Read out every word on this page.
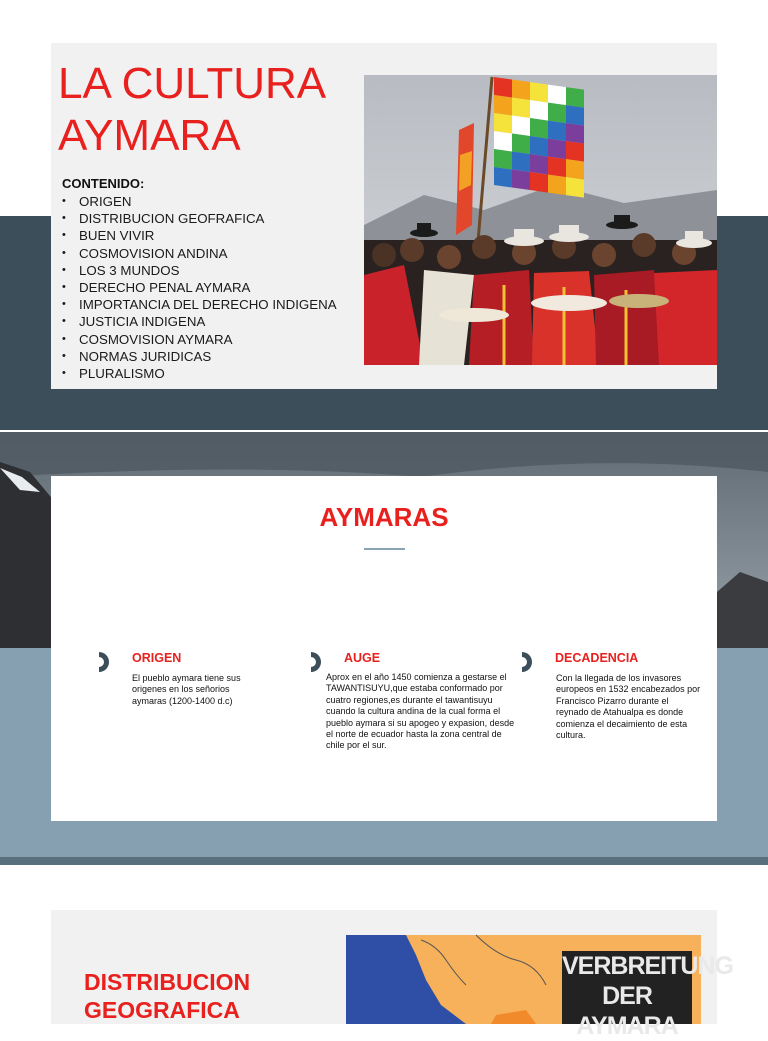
LA CULTURA
AYMARA
CONTENIDO:
• ORIGEN
• DISTRIBUCION GEOFRAFICA
• BUEN VIVIR
• COSMOVISION ANDINA
• LOS 3 MUNDOS
• DERECHO PENAL AYMARA
• IMPORTANCIA DEL DERECHO INDIGENA
• JUSTICIA INDIGENA
• COSMOVISION AYMARA
• NORMAS JURIDICAS
• PLURALISMO
AYMARAS
ORIGEN
El pueblo aymara tiene sus origenes en los señorios aymaras (1200-1400 d.c)
AUGE
Aprox en el año 1450 comienza a gestarse el TAWANTISUYU,que estaba conformado por cuatro regiones,es durante el tawantisuyu cuando la cultura andina de la cual forma el pueblo aymara si su apogeo y expasion, desde el norte de ecuador hasta la zona central de chile por el sur.
DECADENCIA
Con la llegada de los invasores europeos en 1532 encabezados por Francisco Pizarro durante el reynado de Atahualpa es donde comienza el decaimiento de esta cultura.
DISTRIBUCION
GEOGRAFICA
VERBREITUNG
DER AYMARA
